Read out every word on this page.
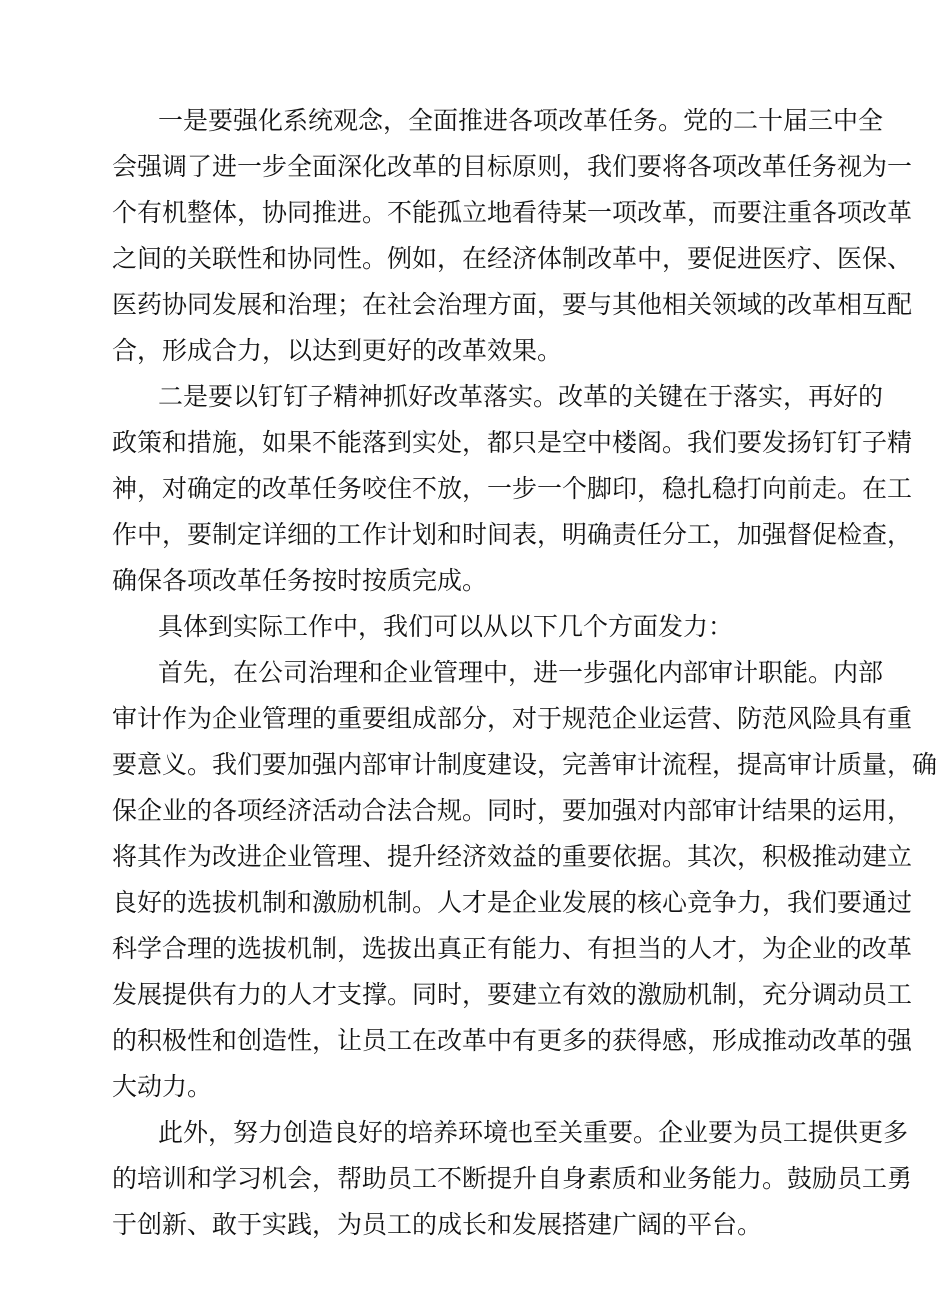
一是要强化系统观念，全面推进各项改革任务。党的二十届三中全
会强调了进一步全面深化改革的目标原则，我们要将各项改革任务视为一
个有机整体，协同推进。不能孤立地看待某一项改革，而要注重各项改革
之间的关联性和协同性。例如，在经济体制改革中，要促进医疗、医保、
医药协同发展和治理；在社会治理方面，要与其他相关领域的改革相互配
合，形成合力，以达到更好的改革效果。
二是要以钉钉子精神抓好改革落实。改革的关键在于落实，再好的
政策和措施，如果不能落到实处，都只是空中楼阁。我们要发扬钉钉子精
神，对确定的改革任务咬住不放，一步一个脚印，稳扎稳打向前走。在工
作中，要制定详细的工作计划和时间表，明确责任分工，加强督促检查，
确保各项改革任务按时按质完成。
具体到实际工作中，我们可以从以下几个方面发力：
首先，在公司治理和企业管理中，进一步强化内部审计职能。内部
审计作为企业管理的重要组成部分，对于规范企业运营、防范风险具有重
要意义。我们要加强内部审计制度建设，完善审计流程，提高审计质量，确
保企业的各项经济活动合法合规。同时，要加强对内部审计结果的运用，
将其作为改进企业管理、提升经济效益的重要依据。其次，积极推动建立
良好的选拔机制和激励机制。人才是企业发展的核心竞争力，我们要通过
科学合理的选拔机制，选拔出真正有能力、有担当的人才，为企业的改革
发展提供有力的人才支撑。同时，要建立有效的激励机制，充分调动员工
的积极性和创造性，让员工在改革中有更多的获得感，形成推动改革的强
大动力。
此外，努力创造良好的培养环境也至关重要。企业要为员工提供更多
的培训和学习机会，帮助员工不断提升自身素质和业务能力。鼓励员工勇
于创新、敢于实践，为员工的成长和发展搭建广阔的平台。
